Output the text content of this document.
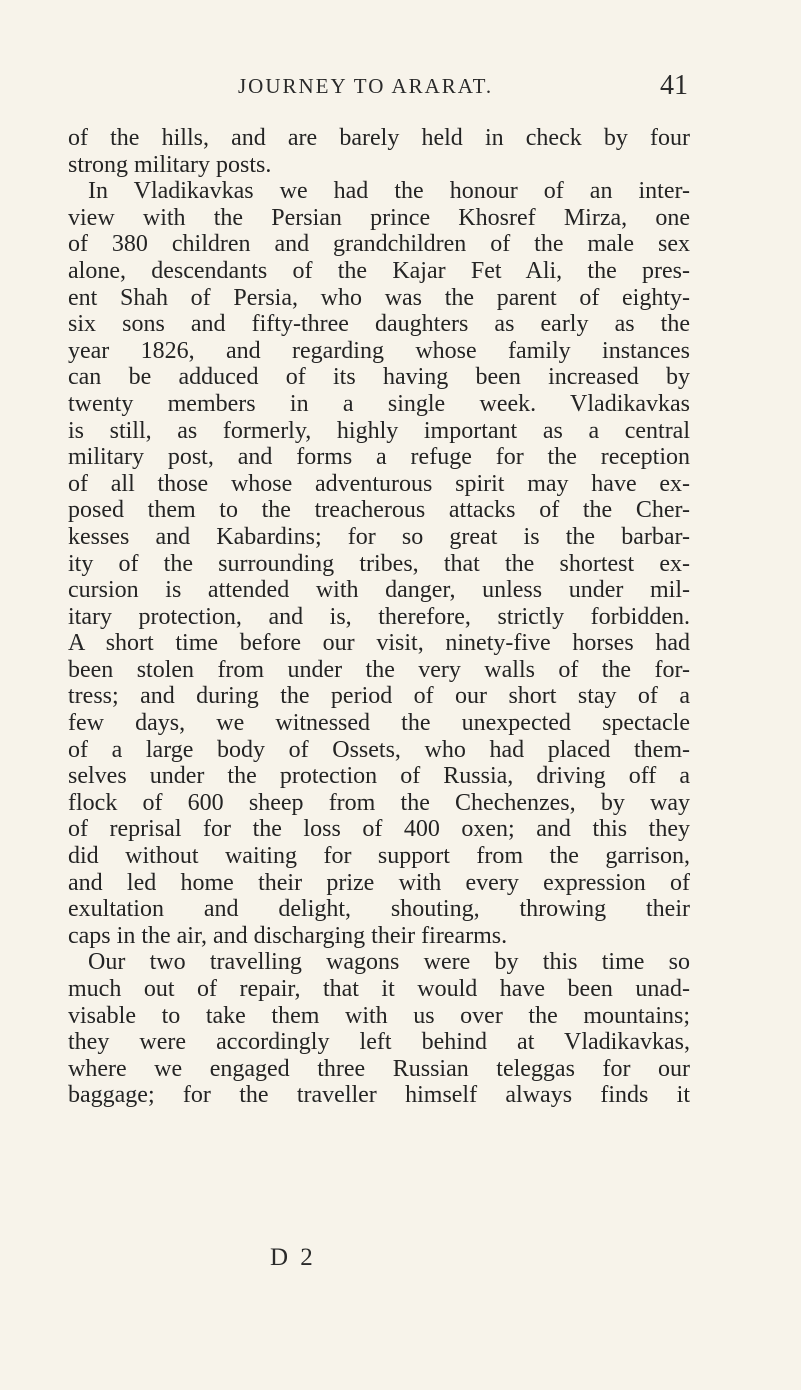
JOURNEY TO ARARAT.	41
of the hills, and are barely held in check by four
strong military posts.
In Vladikavkas we had the honour of an inter-
view with the Persian prince Khosref Mirza, one
of 380 children and grandchildren of the male sex
alone, descendants of the Kajar Fet Ali, the pres-
ent Shah of Persia, who was the parent of eighty-
six sons and fifty-three daughters as early as the
year 1826, and regarding whose family instances
can be adduced of its having been increased by
twenty members in a single week. Vladikavkas
is still, as formerly, highly important as a central
military post, and forms a refuge for the reception
of all those whose adventurous spirit may have ex-
posed them to the treacherous attacks of the Cher-
kesses and Kabardins; for so great is the barbar-
ity of the surrounding tribes, that the shortest ex-
cursion is attended with danger, unless under mil-
itary protection, and is, therefore, strictly forbidden.
A short time before our visit, ninety-five horses had
been stolen from under the very walls of the for-
tress; and during the period of our short stay of a
few days, we witnessed the unexpected spectacle
of a large body of Ossets, who had placed them-
selves under the protection of Russia, driving off a
flock of 600 sheep from the Chechenzes, by way
of reprisal for the loss of 400 oxen; and this they
did without waiting for support from the garrison,
and led home their prize with every expression of
exultation and delight, shouting, throwing their
caps in the air, and discharging their firearms.
Our two travelling wagons were by this time so
much out of repair, that it would have been unad-
visable to take them with us over the mountains;
they were accordingly left behind at Vladikavkas,
where we engaged three Russian teleggas for our
baggage; for the traveller himself always finds it
D 2
